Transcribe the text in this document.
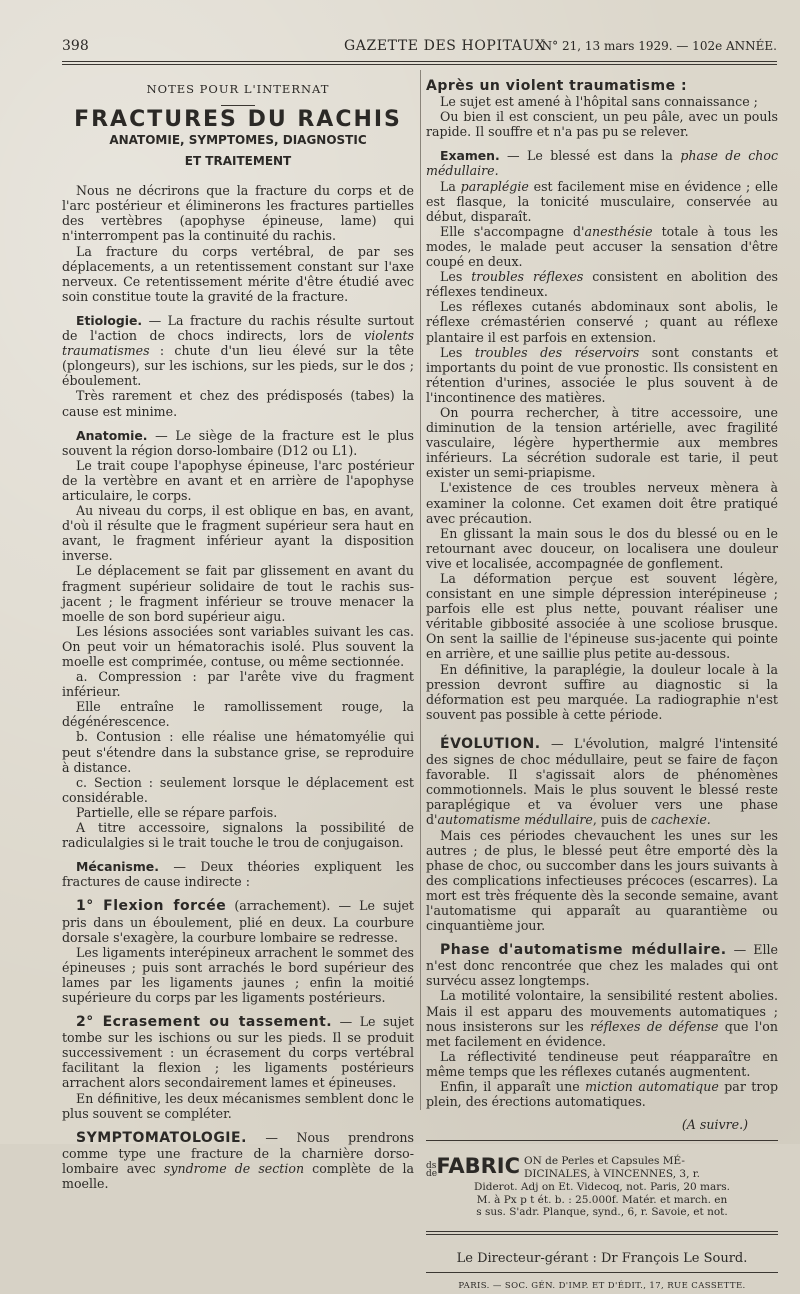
398	GAZETTE DES HOPITAUX
N° 21, 13 mars 1929. — 102e ANNÉE.
NOTES POUR L'INTERNAT
FRACTURES DU RACHIS
ANATOMIE, SYMPTOMES, DIAGNOSTIC
ET TRAITEMENT

Nous ne décrirons que la fracture du corps et de l'arc postérieur et éliminerons les fractures partielles des vertèbres (apophyse épineuse, lame) qui n'interrompent pas la continuité du rachis.

La fracture du corps vertébral, de par ses déplacements, a un retentissement constant sur l'axe nerveux. Ce retentissement mérite d'être étudié avec soin constitue toute la gravité de la fracture.

Etiologie. — La fracture du rachis résulte surtout de l'action de chocs indirects, lors de violents traumatismes : chute d'un lieu élevé sur la tête (plongeurs), sur les ischions, sur les pieds, sur le dos ; éboulement.

Très rarement et chez des prédisposés (tabes) la cause est minime.

Anatomie. — Le siège de la fracture est le plus souvent la région dorso-lombaire (D12 ou L1).

Le trait coupe l'apophyse épineuse, l'arc postérieur de la vertèbre en avant et en arrière de l'apophyse articulaire, le corps.

Au niveau du corps, il est oblique en bas, en avant, d'où il résulte que le fragment supérieur sera haut en avant, le fragment inférieur ayant la disposition inverse.

Le déplacement se fait par glissement en avant du fragment supérieur solidaire de tout le rachis sus-jacent ; le fragment inférieur se trouve menacer la moelle de son bord supérieur aigu.

Les lésions associées sont variables suivant les cas. On peut voir un hématorachis isolé. Plus souvent la moelle est comprimée, contuse, ou même sectionnée.

a. Compression : par l'arête vive du fragment inférieur.

Elle entraîne le ramollissement rouge, la dégénérescence.

b. Contusion : elle réalise une hématomyélie qui peut s'étendre dans la substance grise, se reproduire à distance.

c. Section : seulement lorsque le déplacement est considérable.

Partielle, elle se répare parfois.

A titre accessoire, signalons la possibilité de radiculalgies si le trait touche le trou de conjugaison.

Mécanisme. — Deux théories expliquent les fractures de cause indirecte :

1° Flexion forcée (arrachement). — Le sujet pris dans un éboulement, plié en deux. La courbure dorsale s'exagère, la courbure lombaire se redresse.

Les ligaments interépineux arrachent le sommet des épineuses ; puis sont arrachés le bord supérieur des lames par les ligaments jaunes ; enfin la moitié supérieure du corps par les ligaments postérieurs.

2° Ecrasement ou tassement. — Le sujet tombe sur les ischions ou sur les pieds. Il se produit successivement : un écrasement du corps vertébral facilitant la flexion ; les ligaments postérieurs arrachent alors secondairement lames et épineuses.

En définitive, les deux mécanismes semblent donc le plus souvent se compléter.

SYMPTOMATOLOGIE. — Nous prendrons comme type une fracture de la charnière dorso-lombaire avec syndrome de section complète de la moelle.

Après un violent traumatisme :

Le sujet est amené à l'hôpital sans connaissance ;

Ou bien il est conscient, un peu pâle, avec un pouls rapide. Il souffre et n'a pas pu se relever.

Examen. — Le blessé est dans la phase de choc médullaire.

La paraplégie est facilement mise en évidence ; elle est flasque, la tonicité musculaire, conservée au début, disparaît.

Elle s'accompagne d'anesthésie totale à tous les modes, le malade peut accuser la sensation d'être coupé en deux.

Les troubles réflexes consistent en abolition des réflexes tendineux.

Les réflexes cutanés abdominaux sont abolis, le réflexe crémastérien conservé ; quant au réflexe plantaire il est parfois en extension.

Les troubles des réservoirs sont constants et importants du point de vue pronostic. Ils consistent en rétention d'urines, associée le plus souvent à de l'incontinence des matières.

On pourra rechercher, à titre accessoire, une diminution de la tension artérielle, avec fragilité vasculaire, légère hyperthermie aux membres inférieurs. La sécrétion sudorale est tarie, il peut exister un semi-priapisme.

L'existence de ces troubles nerveux mènera à examiner la colonne. Cet examen doit être pratiqué avec précaution.

En glissant la main sous le dos du blessé ou en le retournant avec douceur, on localisera une douleur vive et localisée, accompagnée de gonflement.

La déformation perçue est souvent légère, consistant en une simple dépression interépineuse ; parfois elle est plus nette, pouvant réaliser une véritable gibbosité associée à une scoliose brusque. On sent la saillie de l'épineuse sus-jacente qui pointe en arrière, et une saillie plus petite au-dessous.

En définitive, la paraplégie, la douleur locale à la pression devront suffire au diagnostic si la déformation est peu marquée. La radiographie n'est souvent pas possible à cette période.

ÉVOLUTION. — L'évolution, malgré l'intensité des signes de choc médullaire, peut se faire de façon favorable. Il s'agissait alors de phénomènes commotionnels. Mais le plus souvent le blessé reste paraplégique et va évoluer vers une phase d'automatisme médullaire, puis de cachexie.

Mais ces périodes chevauchent les unes sur les autres ; de plus, le blessé peut être emporté dès la phase de choc, ou succomber dans les jours suivants à des complications infectieuses précoces (escarres). La mort est très fréquente dès la seconde semaine, avant l'automatisme qui apparaît au quarantième ou cinquantième jour.

Phase d'automatisme médullaire. — Elle n'est donc rencontrée que chez les malades qui ont survécu assez longtemps.

La motilité volontaire, la sensibilité restent abolies. Mais il est apparu des mouvements automatiques ; nous insisterons sur les réflexes de défense que l'on met facilement en évidence.

La réflectivité tendineuse peut réapparaître en même temps que les réflexes cutanés augmentent.

Enfin, il apparaît une miction automatique par trop plein, des érections automatiques.

(A suivre.)
$^{ds}$FABRIC ON de Perles et Capsules MÉ-
DICINALES, à VINCENNES, 3, r.
Diderot. Adj on Et. Videcoq, not. Paris, 20 mars.
M. à Px p t ét. b. : 25.000f. Matér. et march. en
s sus. S'adr. Planque, synd., 6, r. Savoie, et not.
de
Le Directeur-gérant : Dr François Le Sourd.
PARIS. — SOC. GÉN. D'IMP. ET D'ÉDIT., 17, RUE CASSETTE.
